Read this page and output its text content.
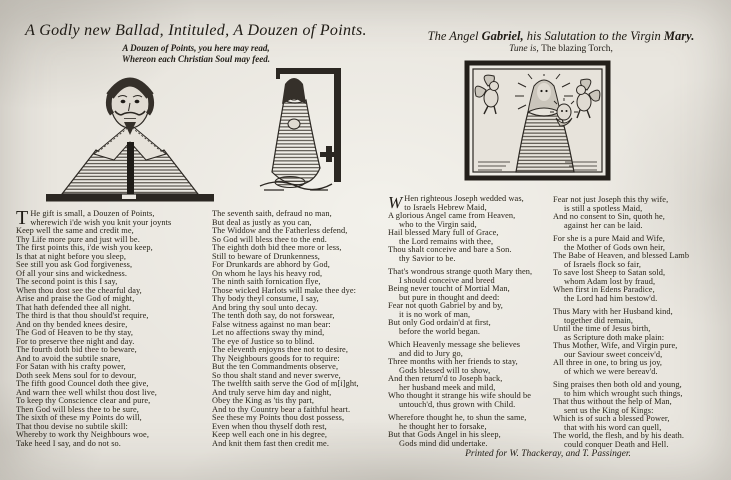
A Godly new Ballad, Intituled, A Douzen of Points.
A Douzen of Points, you here may read,
Whereon each Christian Soul may feed.
T He gift is small, a Douzen of Points,
wherewich i'de wish you knit your joynts
Keep well the same and credit me,
Thy Life more pure and just will be.
The first points this, i'de wish you keep,
Is that at night before you sleep,
See still you ask God forgiveness,
Of all your sins and wickedness.
The second point is this I say,
When thou dost see the chearful day,
Arise and praise the God of might,
That hath defended thee all night.
The third is that thou should'st require,
And on thy bended knees desire,
The God of Heaven to be thy stay,
For to preserve thee night and day.
The fourth doth bid thee to beware,
And to avoid the subtile snare,
For Satan with his crafty power,
Doth seek Mens soul for to devour,
The fifth good Councel doth thee give,
And warn thee well whilst thou dost live,
To keep thy Conscience clear and pure,
Then God will bless thee to be sure,
The sixth of these my Points do will,
That thou devise no subtile skill:
Whereby to work thy Neighbours woe,
Take heed I say, and do not so.
The seventh saith, defraud no man,
But deal as justly as you can,
The Widdow and the Fatherless defend,
So God will bless thee to the end.
The eighth doth bid thee more or less,
Still to beware of Drunkenness,
For Drunkards are abhord by God,
On whom he lays his heavy rod,
The ninth saith fornication flye,
Those wicked Harlots will make thee dye:
Thy body theyl consume, I say,
And bring thy soul unto decay.
The tenth doth say, do not forswear,
False witness against no man bear:
Let no affections sway thy mind,
The eye of Justice so to blind.
The eleventh enjoyns thee not to desire,
Thy Neighbours goods for to require:
But the ten Commandments observe,
So thou shalt stand and never swerve,
The twelfth saith serve the God of m[i]ght,
And truly serve him day and night,
Obey the King as 'tis thy part,
And to thy Country bear a faithful heart.
See these my Points thou dost possess,
Even when thou thyself doth rest,
Keep well each one in his degree,
And knit them fast then credit me.
The Angel Gabriel, his Salutation to the Virgin Mary.
Tune is, The blazing Torch,
W Hen righteous Joseph wedded was,
to Israels Hebrew Maid,
A glorious Angel came from Heaven,
who to the Virgin said,
Hail blessed Mary full of Grace,
the Lord remains with thee,
Thou shalt conceive and bare a Son.
thy Savior to be.
That's wondrous strange quoth Mary then,
I should conceive and breed
Being never toucht of Mortial Man,
but pure in thought and deed:
Fear not quoth Gabriel by and by,
it is no work of man,
But only God ordain'd at first,
before the world began.
Which Heavenly message she believes
and did to Jury go,
Three months with her friends to stay,
Gods blessed will to show,
And then return'd to Joseph back,
her husband meek and mild,
Who thought it strange his wife should be
untouch'd, thus grown with Child.
Wherefore thought he, to shun the same,
he thought her to forsake,
But that Gods Angel in his sleep,
Gods mind did undertake.
Fear not just Joseph this thy wife,
is still a spotless Maid,
And no consent to Sin, quoth he,
against her can be laid.
For she is a pure Maid and Wife,
the Mother of Gods own heir,
The Babe of Heaven, and blessed Lamb
of Israels flock so fair,
To save lost Sheep to Satan sold,
whom Adam lost by fraud,
When first in Edens Paradice,
the Lord had him bestow'd.
Thus Mary with her Husband kind,
together did remain,
Until the time of Jesus birth,
as Scripture doth make plain:
Thus Mother, Wife, and Virgin pure,
our Saviour sweet conceiv'd,
All three in one, to bring us joy,
of which we were bereav'd.
Sing praises then both old and young,
to him which wrought such things,
That thus without the help of Man,
sent us the King of Kings:
Which is of such a blessed Power,
that with his word can quell,
The world, the flesh, and by his death.
could conquer Death and Hell.
Printed for W. Thackeray, and T. Passinger.
